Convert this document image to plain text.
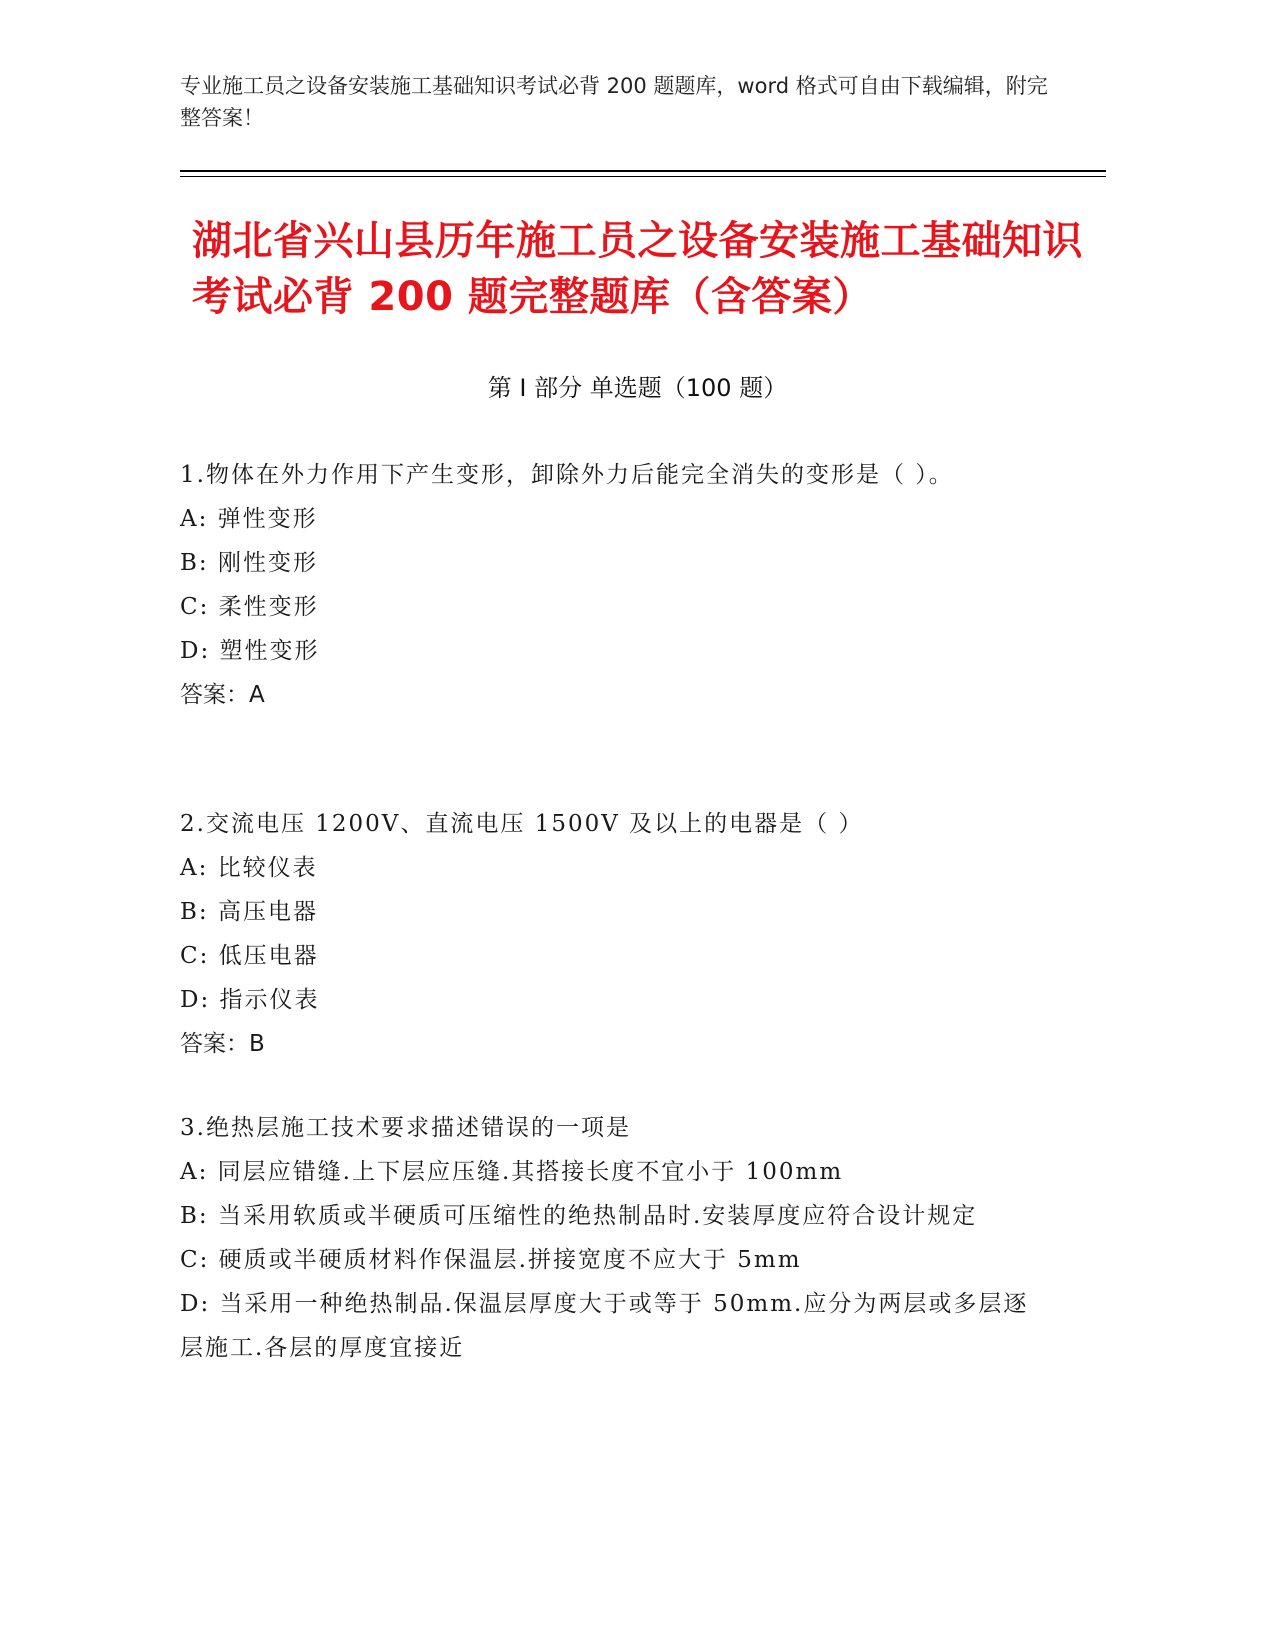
专业施工员之设备安装施工基础知识考试必背 200 题题库，word 格式可自由下载编辑，附完整答案！
湖北省兴山县历年施工员之设备安装施工基础知识考试必背 200 题完整题库（含答案）
第 I 部分 单选题（100 题）
1.物体在外力作用下产生变形，卸除外力后能完全消失的变形是（ ）。
A: 弹性变形
B: 刚性变形
C: 柔性变形
D: 塑性变形
答案：A
2.交流电压 1200V、直流电压 1500V 及以上的电器是（ ）
A: 比较仪表
B: 高压电器
C: 低压电器
D: 指示仪表
答案：B
3.绝热层施工技术要求描述错误的一项是
A: 同层应错缝.上下层应压缝.其搭接长度不宜小于 100mm
B: 当采用软质或半硬质可压缩性的绝热制品时.安装厚度应符合设计规定
C: 硬质或半硬质材料作保温层.拼接宽度不应大于 5mm
D: 当采用一种绝热制品.保温层厚度大于或等于 50mm.应分为两层或多层逐层施工.各层的厚度宜接近
